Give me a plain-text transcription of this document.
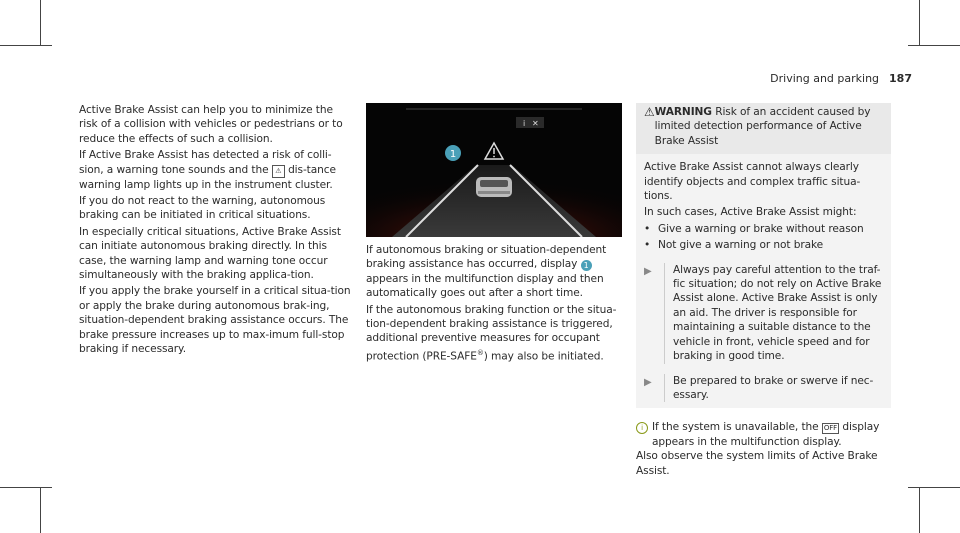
Driving and parking 187

Active Brake Assist can help you to minimize the risk of a collision with vehicles or pedestrians or to reduce the effects of such a collision.

If Active Brake Assist has detected a risk of colli-sion, a warning tone sounds and the ⚠ dis-tance warning lamp lights up in the instrument cluster.

If you do not react to the warning, autonomous braking can be initiated in critical situations.

In especially critical situations, Active Brake Assist can initiate autonomous braking directly. In this case, the warning lamp and warning tone occur simultaneously with the braking applica-tion.

If you apply the brake yourself in a critical situa-tion or apply the brake during autonomous brak-ing, situation-dependent braking assistance occurs. The brake pressure increases up to max-imum full-stop braking if necessary.

i ✕
1

If autonomous braking or situation-dependent braking assistance has occurred, display 1 appears in the multifunction display and then automatically goes out after a short time.

If the autonomous braking function or the situa-tion-dependent braking assistance is triggered, additional preventive measures for occupant protection (PRE-SAFE®) may also be initiated.

⚠ WARNING Risk of an accident caused by limited detection performance of Active Brake Assist

Active Brake Assist cannot always clearly identify objects and complex traffic situa-tions.

In such cases, Active Brake Assist might:

• Give a warning or brake without reason
• Not give a warning or not brake
▶	Always pay careful attention to the traf-fic situation; do not rely on Active Brake Assist alone. Active Brake Assist is only an aid. The driver is responsible for maintaining a suitable distance to the vehicle in front, vehicle speed and for braking in good time.
▶	Be prepared to brake or swerve if nec-essary.
i If the system is unavailable, the OFF display appears in the multifunction display.

Also observe the system limits of Active Brake Assist.
